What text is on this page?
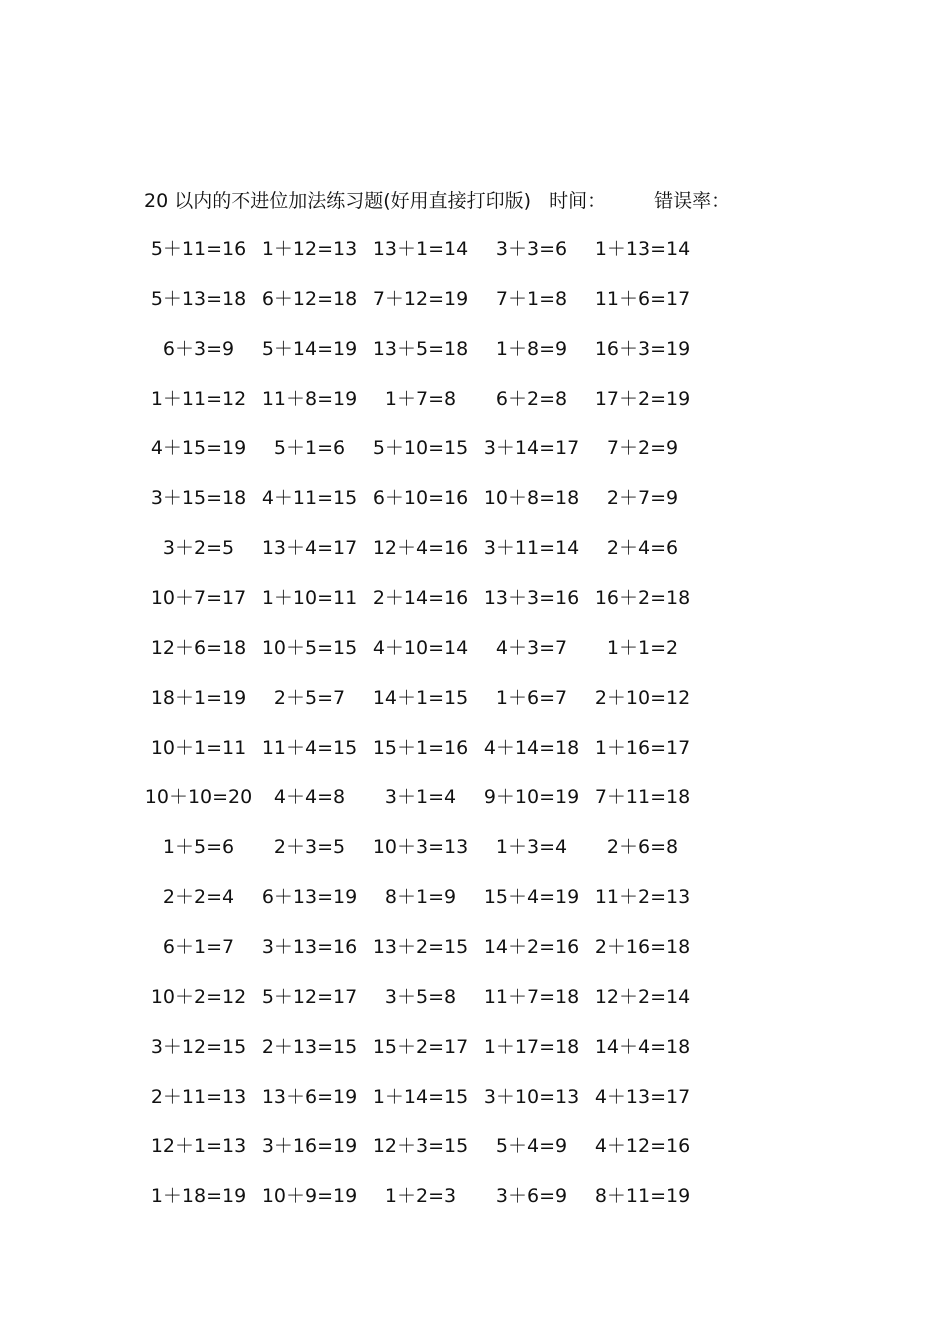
20 以内的不进位加法练习题(好用直接打印版) 时间：	错误率：
5＋11=16 1＋12=13 13＋1=14	3＋3=6	1＋13=14
5＋13=18 6＋12=18 7＋12=19	7＋1=8	11＋6=17
6＋3=9	5＋14=19 13＋5=18	1＋8=9	16＋3=19
1＋11=12 11＋8=19	1＋7=8	6＋2=8	17＋2=19
4＋15=19	5＋1=6	5＋10=15 3＋14=17	7＋2=9
3＋15=18 4＋11=15 6＋10=16 10＋8=18	2＋7=9
3＋2=5	13＋4=17 12＋4=16 3＋11=14	2＋4=6
10＋7=17 1＋10=11 2＋14=16 13＋3=16 16＋2=18
12＋6=18 10＋5=15 4＋10=14	4＋3=7	1＋1=2
18＋1=19	2＋5=7	14＋1=15	1＋6=7	2＋10=12
10＋1=11 11＋4=15 15＋1=16 4＋14=18 1＋16=17
10＋10=20	4＋4=8	3＋1=4	9＋10=19 7＋11=18
1＋5=6	2＋3=5	10＋3=13	1＋3=4	2＋6=8
2＋2=4	6＋13=19	8＋1=9	15＋4=19 11＋2=13
6＋1=7	3＋13=16 13＋2=15 14＋2=16 2＋16=18
10＋2=12 5＋12=17	3＋5=8	11＋7=18 12＋2=14
3＋12=15 2＋13=15 15＋2=17 1＋17=18 14＋4=18
2＋11=13 13＋6=19 1＋14=15 3＋10=13 4＋13=17
12＋1=13 3＋16=19 12＋3=15	5＋4=9	4＋12=16
1＋18=19 10＋9=19	1＋2=3	3＋6=9	8＋11=19
